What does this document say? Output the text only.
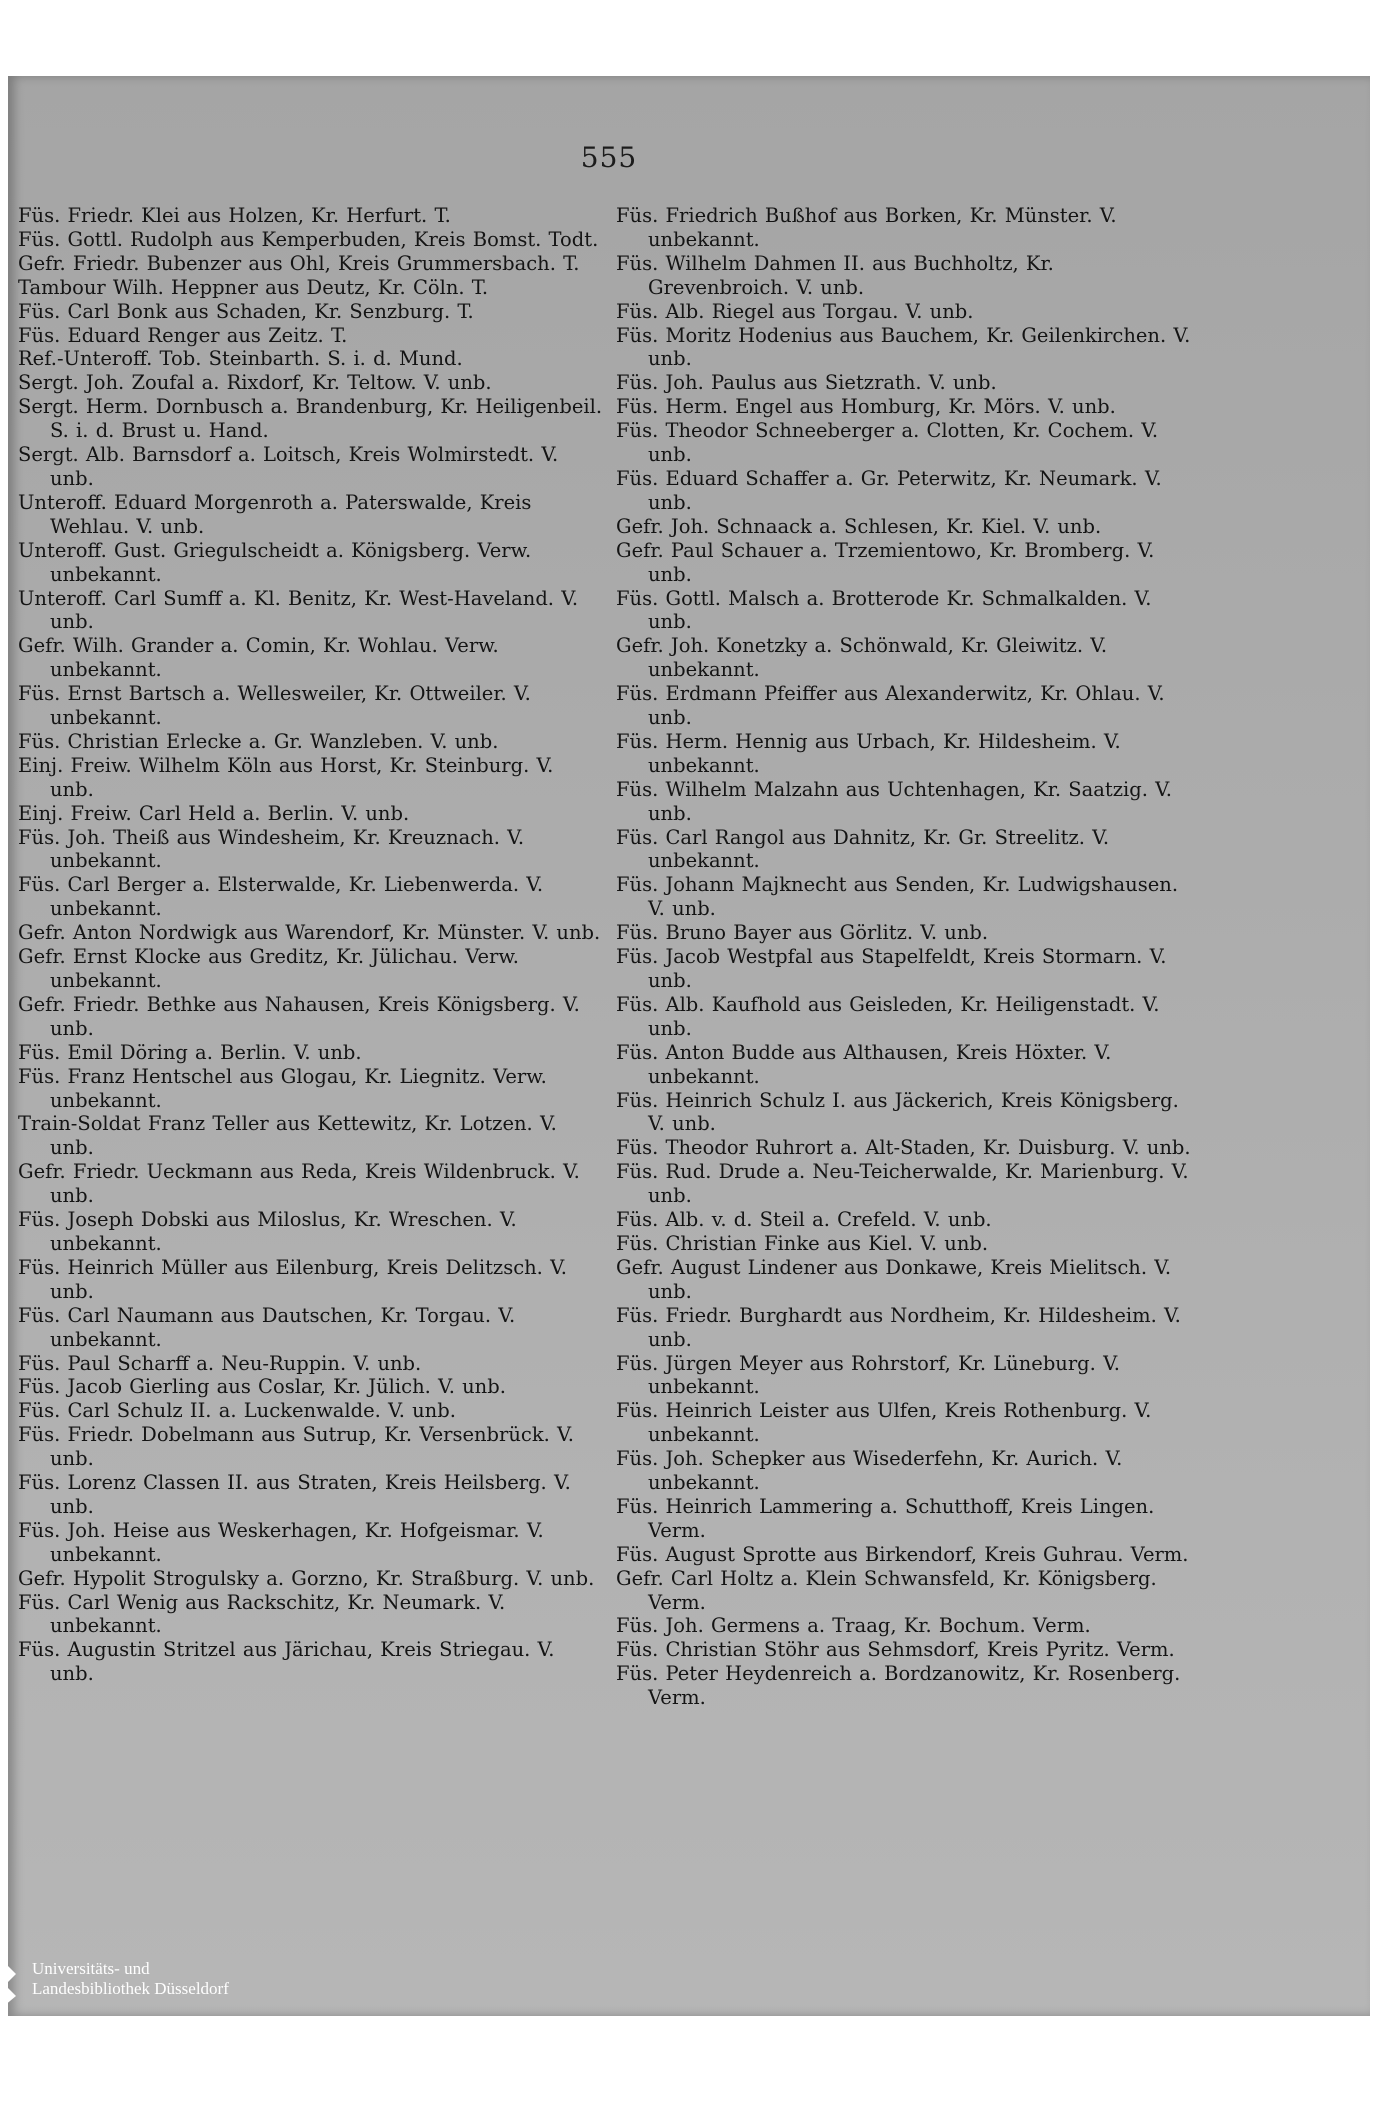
555
Füs. Friedr. Klei aus Holzen, Kr. Herfurt. T.
Füs. Gottl. Rudolph aus Kemperbuden, Kreis Bomst. Todt.
Gefr. Friedr. Bubenzer aus Ohl, Kreis Grummersbach. T.
Tambour Wilh. Heppner aus Deutz, Kr. Cöln. T.
Füs. Carl Bonk aus Schaden, Kr. Senzburg. T.
Füs. Eduard Renger aus Zeitz. T.
Ref.-Unteroff. Tob. Steinbarth. S. i. d. Mund.
Sergt. Joh. Zoufal a. Rixdorf, Kr. Teltow. V. unb.
Sergt. Herm. Dornbusch a. Brandenburg, Kr. Heiligenbeil. S. i. d. Brust u. Hand.
Sergt. Alb. Barnsdorf a. Loitsch, Kreis Wolmirstedt. V. unb.
Unteroff. Eduard Morgenroth a. Paterswalde, Kreis Wehlau. V. unb.
Unteroff. Gust. Griegulscheidt a. Königsberg. Verw. unbekannt.
Unteroff. Carl Sumff a. Kl. Benitz, Kr. West-Haveland. V. unb.
Gefr. Wilh. Grander a. Comin, Kr. Wohlau. Verw. unbekannt.
Füs. Ernst Bartsch a. Wellesweiler, Kr. Ottweiler. V. unbekannt.
Füs. Christian Erlecke a. Gr. Wanzleben. V. unb.
Einj. Freiw. Wilhelm Köln aus Horst, Kr. Steinburg. V. unb.
Einj. Freiw. Carl Held a. Berlin. V. unb.
Füs. Joh. Theiß aus Windesheim, Kr. Kreuznach. V. unbekannt.
Füs. Carl Berger a. Elsterwalde, Kr. Liebenwerda. V. unbekannt.
Gefr. Anton Nordwigk aus Warendorf, Kr. Münster. V. unb.
Gefr. Ernst Klocke aus Greditz, Kr. Jülichau. Verw. unbekannt.
Gefr. Friedr. Bethke aus Nahausen, Kreis Königsberg. V. unb.
Füs. Emil Döring a. Berlin. V. unb.
Füs. Franz Hentschel aus Glogau, Kr. Liegnitz. Verw. unbekannt.
Train-Soldat Franz Teller aus Kettewitz, Kr. Lotzen. V. unb.
Gefr. Friedr. Ueckmann aus Reda, Kreis Wildenbruck. V. unb.
Füs. Joseph Dobski aus Miloslus, Kr. Wreschen. V. unbekannt.
Füs. Heinrich Müller aus Eilenburg, Kreis Delitzsch. V. unb.
Füs. Carl Naumann aus Dautschen, Kr. Torgau. V. unbekannt.
Füs. Paul Scharff a. Neu-Ruppin. V. unb.
Füs. Jacob Gierling aus Coslar, Kr. Jülich. V. unb.
Füs. Carl Schulz II. a. Luckenwalde. V. unb.
Füs. Friedr. Dobelmann aus Sutrup, Kr. Versenbrück. V. unb.
Füs. Lorenz Classen II. aus Straten, Kreis Heilsberg. V. unb.
Füs. Joh. Heise aus Weskerhagen, Kr. Hofgeismar. V. unbekannt.
Gefr. Hypolit Strogulsky a. Gorzno, Kr. Straßburg. V. unb.
Füs. Carl Wenig aus Rackschitz, Kr. Neumark. V. unbekannt.
Füs. Augustin Stritzel aus Järichau, Kreis Striegau. V. unb.
Füs. Friedrich Bußhof aus Borken, Kr. Münster. V. unbekannt.
Füs. Wilhelm Dahmen II. aus Buchholtz, Kr. Grevenbroich. V. unb.
Füs. Alb. Riegel aus Torgau. V. unb.
Füs. Moritz Hodenius aus Bauchem, Kr. Geilenkirchen. V. unb.
Füs. Joh. Paulus aus Sietzrath. V. unb.
Füs. Herm. Engel aus Homburg, Kr. Mörs. V. unb.
Füs. Theodor Schneeberger a. Clotten, Kr. Cochem. V. unb.
Füs. Eduard Schaffer a. Gr. Peterwitz, Kr. Neumark. V. unb.
Gefr. Joh. Schnaack a. Schlesen, Kr. Kiel. V. unb.
Gefr. Paul Schauer a. Trzemientowo, Kr. Bromberg. V. unb.
Füs. Gottl. Malsch a. Brotterode Kr. Schmalkalden. V. unb.
Gefr. Joh. Konetzky a. Schönwald, Kr. Gleiwitz. V. unbekannt.
Füs. Erdmann Pfeiffer aus Alexanderwitz, Kr. Ohlau. V. unb.
Füs. Herm. Hennig aus Urbach, Kr. Hildesheim. V. unbekannt.
Füs. Wilhelm Malzahn aus Uchtenhagen, Kr. Saatzig. V. unb.
Füs. Carl Rangol aus Dahnitz, Kr. Gr. Streelitz. V. unbekannt.
Füs. Johann Majknecht aus Senden, Kr. Ludwigshausen. V. unb.
Füs. Bruno Bayer aus Görlitz. V. unb.
Füs. Jacob Westpfal aus Stapelfeldt, Kreis Stormarn. V. unb.
Füs. Alb. Kaufhold aus Geisleden, Kr. Heiligenstadt. V. unb.
Füs. Anton Budde aus Althausen, Kreis Höxter. V. unbekannt.
Füs. Heinrich Schulz I. aus Jäckerich, Kreis Königsberg. V. unb.
Füs. Theodor Ruhrort a. Alt-Staden, Kr. Duisburg. V. unb.
Füs. Rud. Drude a. Neu-Teicherwalde, Kr. Marienburg. V. unb.
Füs. Alb. v. d. Steil a. Crefeld. V. unb.
Füs. Christian Finke aus Kiel. V. unb.
Gefr. August Lindener aus Donkawe, Kreis Mielitsch. V. unb.
Füs. Friedr. Burghardt aus Nordheim, Kr. Hildesheim. V. unb.
Füs. Jürgen Meyer aus Rohrstorf, Kr. Lüneburg. V. unbekannt.
Füs. Heinrich Leister aus Ulfen, Kreis Rothenburg. V. unbekannt.
Füs. Joh. Schepker aus Wisederfehn, Kr. Aurich. V. unbekannt.
Füs. Heinrich Lammering a. Schutthoff, Kreis Lingen. Verm.
Füs. August Sprotte aus Birkendorf, Kreis Guhrau. Verm.
Gefr. Carl Holtz a. Klein Schwansfeld, Kr. Königsberg. Verm.
Füs. Joh. Germens a. Traag, Kr. Bochum. Verm.
Füs. Christian Stöhr aus Sehmsdorf, Kreis Pyritz. Verm.
Füs. Peter Heydenreich a. Bordzanowitz, Kr. Rosenberg. Verm.
Universitäts- und
Landesbibliothek Düsseldorf
